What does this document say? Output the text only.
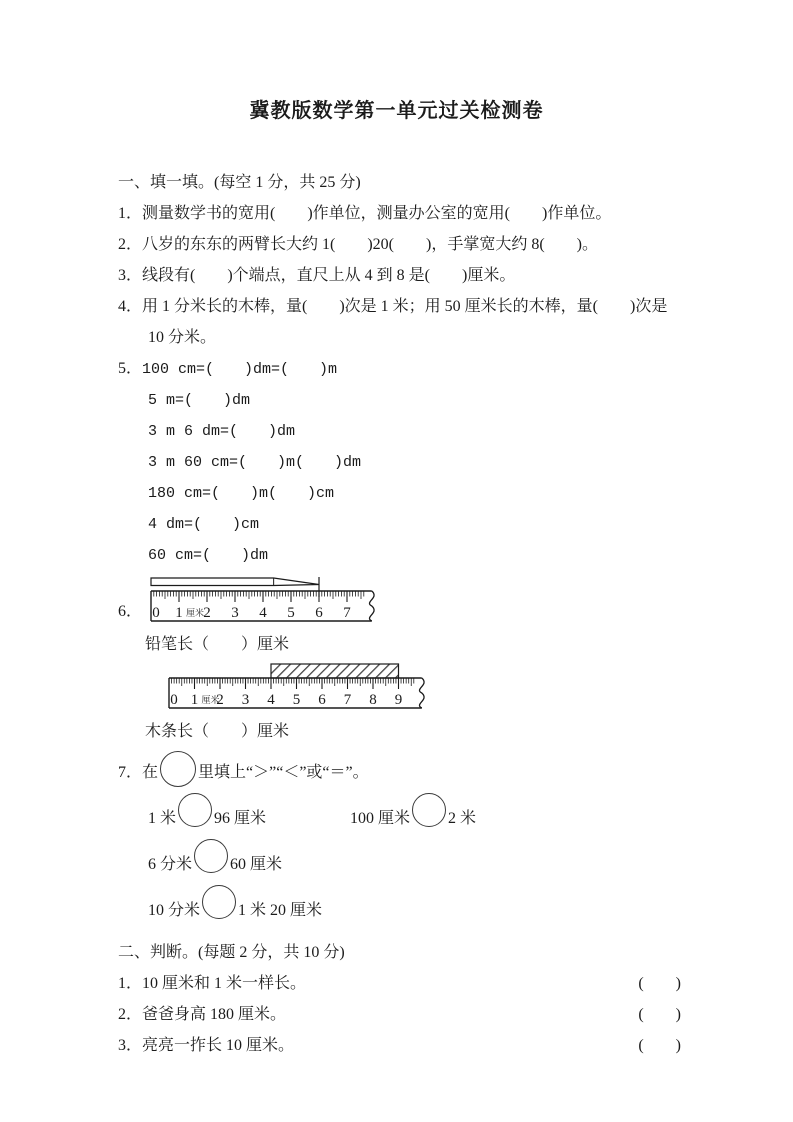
冀教版数学第一单元过关检测卷
一、填一填。(每空 1 分，共 25 分)
1．测量数学书的宽用(　　)作单位，测量办公室的宽用(　　)作单位。
2．八岁的东东的两臂长大约 1(　　)20(　　)，手掌宽大约 8(　　)。
3．线段有(　　)个端点，直尺上从 4 到 8 是(　　)厘米。
4．用 1 分米长的木棒，量(　　)次是 1 米；用 50 厘米长的木棒，量(　　)次是
10 分米。
5．100 cm=(　　)dm=(　　)m
5 m=(　　)dm
3 m 6 dm=(　　)dm
3 m 60 cm=(　　)m(　　)dm
180 cm=(　　)m(　　)cm
4 dm=(　　)cm
60 cm=(　　)dm
6． 0 1 2 3 4 5 6 7
厘米
铅笔长（　　）厘米
0 1 2 3 4 5 6 7 8 9
厘米
木条长（　　）厘米
7．在	里填上“＞”“＜”或“＝”。
1 米 96 厘米	100 厘米 2 米
6 分米 60 厘米
10 分米 1 米 20 厘米
二、判断。(每题 2 分，共 10 分)
1．10 厘米和 1 米一样长。	(　　)
2．爸爸身高 180 厘米。	(　　)
3．亮亮一拃长 10 厘米。	(　　)
